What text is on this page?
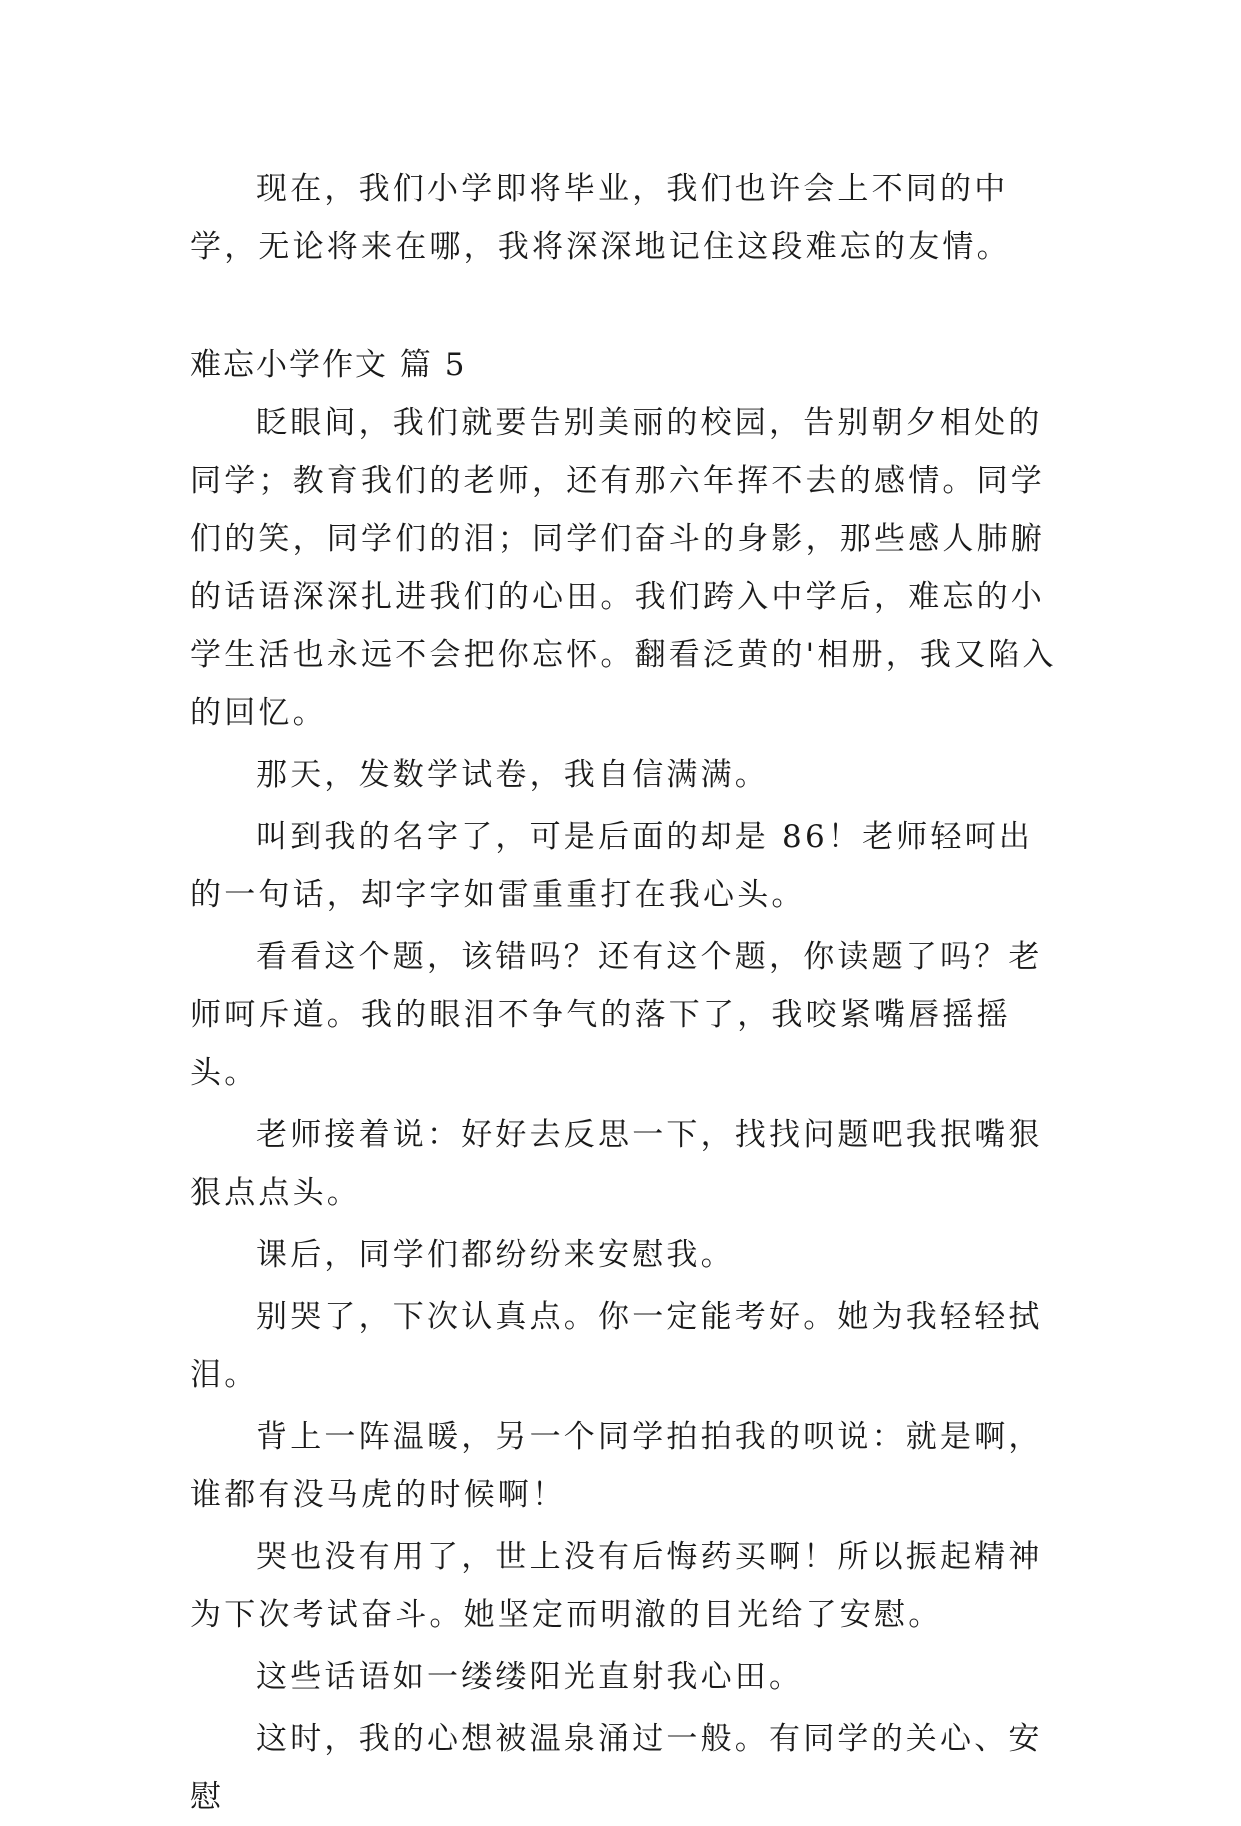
现在，我们小学即将毕业，我们也许会上不同的中学，无论将来在哪，我将深深地记住这段难忘的友情。

难忘小学作文 篇 5

眨眼间，我们就要告别美丽的校园，告别朝夕相处的同学；教育我们的老师，还有那六年挥不去的感情。同学们的笑，同学们的泪；同学们奋斗的身影，那些感人肺腑的话语深深扎进我们的心田。我们跨入中学后，难忘的小学生活也永远不会把你忘怀。翻看泛黄的'相册，我又陷入的回忆。

那天，发数学试卷，我自信满满。

叫到我的名字了，可是后面的却是 86！老师轻呵出的一句话，却字字如雷重重打在我心头。

看看这个题，该错吗？还有这个题，你读题了吗？老师呵斥道。我的眼泪不争气的落下了，我咬紧嘴唇摇摇头。

老师接着说：好好去反思一下，找找问题吧我抿嘴狠狠点点头。

课后，同学们都纷纷来安慰我。

别哭了，下次认真点。你一定能考好。她为我轻轻拭泪。

背上一阵温暖，另一个同学拍拍我的呗说：就是啊，谁都有没马虎的时候啊！

哭也没有用了，世上没有后悔药买啊！所以振起精神为下次考试奋斗。她坚定而明澈的目光给了安慰。

这些话语如一缕缕阳光直射我心田。

这时，我的心想被温泉涌过一般。有同学的关心、安慰
